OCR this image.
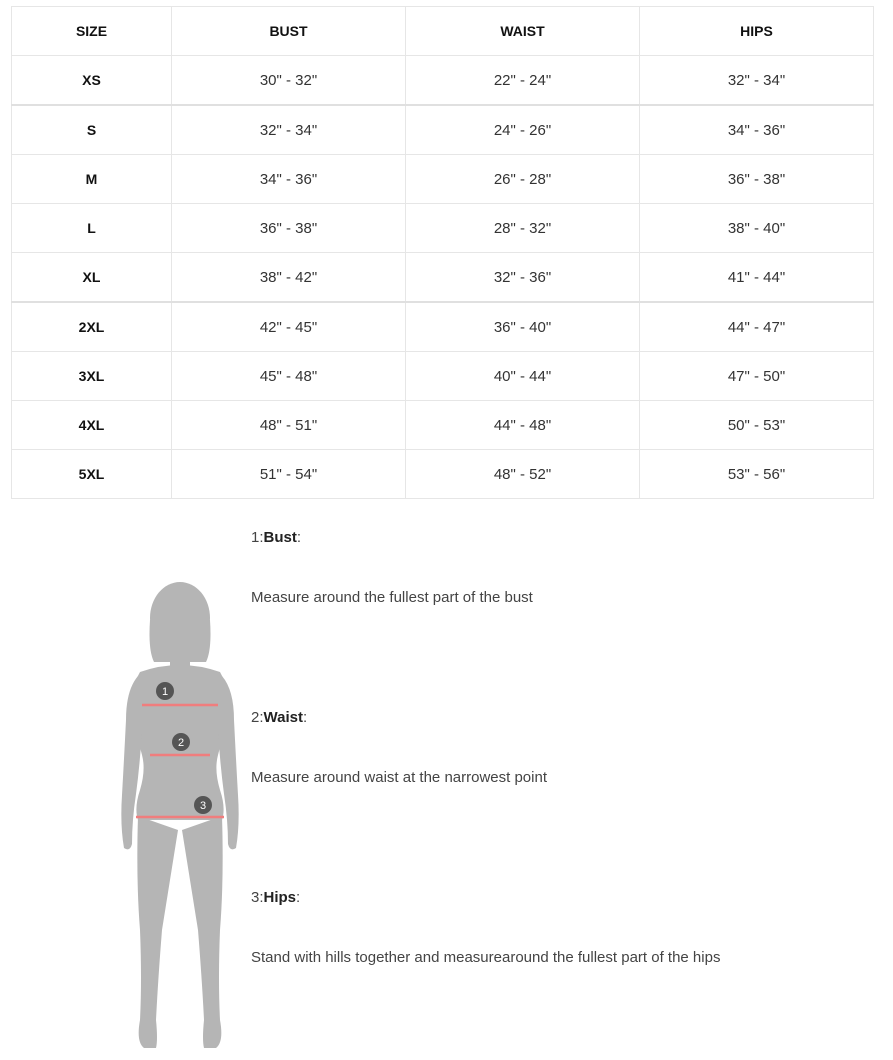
SIZE	BUST	WAIST	HIPS
XS	30" - 32"	22" - 24"	32" - 34"
S	32" - 34"	24" - 26"	34" - 36"
M	34" - 36"	26" - 28"	36" - 38"
L	36" - 38"	28" - 32"	38" - 40"
XL	38" - 42"	32" - 36"	41" - 44"
2XL	42" - 45"	36" - 40"	44" - 47"
3XL	45" - 48"	40" - 44"	47" - 50"
4XL	48" - 51"	44" - 48"	50" - 53"
5XL	51" - 54"	48" - 52"	53" - 56"
1
2
3
1:Bust:
Measure around the fullest part of the bust
2:Waist:
Measure around waist at the narrowest point
3:Hips:
Stand with hills together and measurearound the fullest part of the hips
